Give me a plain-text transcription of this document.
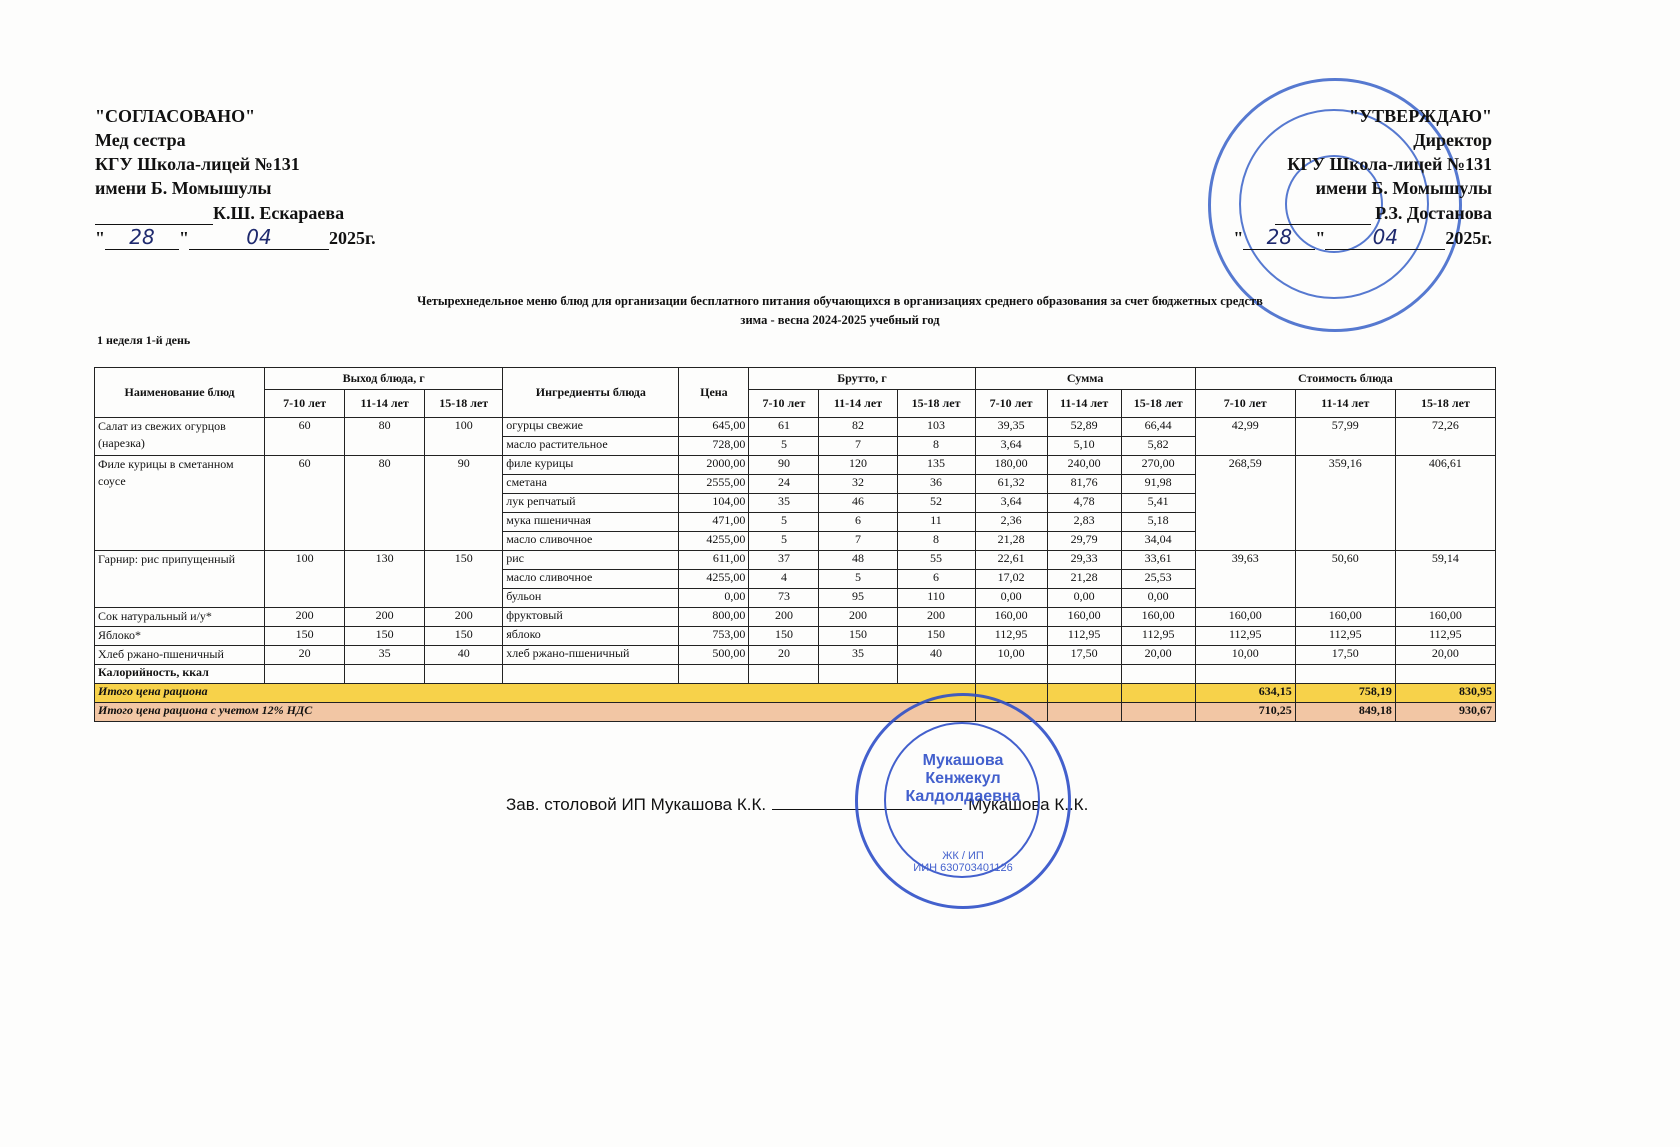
"СОГЛАСОВАНО"
Мед сестра
КГУ Школа-лицей №131
имени Б. Момышулы
К.Ш. Ескараева
" 28 "	04	2025г.
"УТВЕРЖДАЮ"
Директор
КГУ Школа-лицей №131
имени Б. Момышулы
Р.З. Достанова
" 28 " 04	2025г.
Четырехнедельное меню блюд для организации бесплатного питания обучающихся в организациях среднего образования за счет бюджетных средств
зима - весна 2024-2025 учебный год
1 неделя 1-й день
Наименование блюд	Выход блюда, г			Ингредиенты блюда	Цена	Брутто, г			Сумма			Стоимость блюда		
	7-10 лет	11-14 лет	15-18 лет			7-10 лет	11-14 лет	15-18 лет	7-10 лет	11-14 лет	15-18 лет	7-10 лет	11-14 лет	15-18 лет
Салат из свежих огурцов (нарезка)	60	80	100	огурцы свежие	645,00	61	82	103	39,35	52,89	66,44	42,99	57,99	72,26
				масло растительное	728,00	5	7	8	3,64	5,10	5,82			
Филе курицы в сметанном соусе	60	80	90	филе курицы	2000,00	90	120	135	180,00	240,00	270,00	268,59	359,16	406,61
				сметана	2555,00	24	32	36	61,32	81,76	91,98			
				лук репчатый	104,00	35	46	52	3,64	4,78	5,41			
				мука пшеничная	471,00	5	6	11	2,36	2,83	5,18			
				масло сливочное	4255,00	5	7	8	21,28	29,79	34,04			
Гарнир: рис припущенный	100	130	150	рис	611,00	37	48	55	22,61	29,33	33,61	39,63	50,60	59,14
				масло сливочное	4255,00	4	5	6	17,02	21,28	25,53			
				бульон	0,00	73	95	110	0,00	0,00	0,00			
Сок натуральный и/у*	200	200	200	фруктовый	800,00	200	200	200	160,00	160,00	160,00	160,00	160,00	160,00
Яблоко*	150	150	150	яблоко	753,00	150	150	150	112,95	112,95	112,95	112,95	112,95	112,95
Хлеб ржано-пшеничный	20	35	40	хлеб ржано-пшеничный	500,00	20	35	40	10,00	17,50	20,00	10,00	17,50	20,00
Калорийность, ккал														
Итого цена рациона												634,15	758,19	830,95
Итого цена рациона с учетом 12% НДС												710,25	849,18	930,67
Зав. столовой ИП Мукашова К.К.	Мукашова К..К.
Мукашова
Кенжекул
Калдолдаевна
ЖК / ИП
ИИН 630703401126
